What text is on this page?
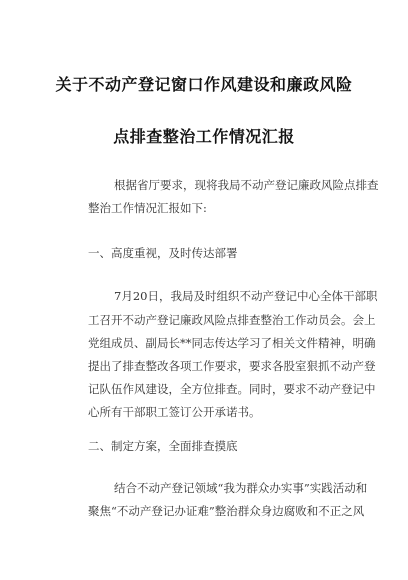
关于不动产登记窗口作风建设和廉政风险
点排查整治工作情况汇报
根据省厅要求，现将我局不动产登记廉政风险点排查
整治工作情况汇报如下:
一、高度重视，及时传达部署
7月20日，我局及时组织不动产登记中心全体干部职
工召开不动产登记廉政风险点排查整治工作动员会。会上
党组成员、副局长**同志传达学习了相关文件精神，明确
提出了排查整改各项工作要求，要求各股室狠抓不动产登
记队伍作风建设，全方位排查。同时，要求不动产登记中
心所有干部职工签订公开承诺书。
二、制定方案，全面排查摸底
结合不动产登记领域“我为群众办实事”实践活动和
聚焦“不动产登记办证难”整治群众身边腐败和不正之风
